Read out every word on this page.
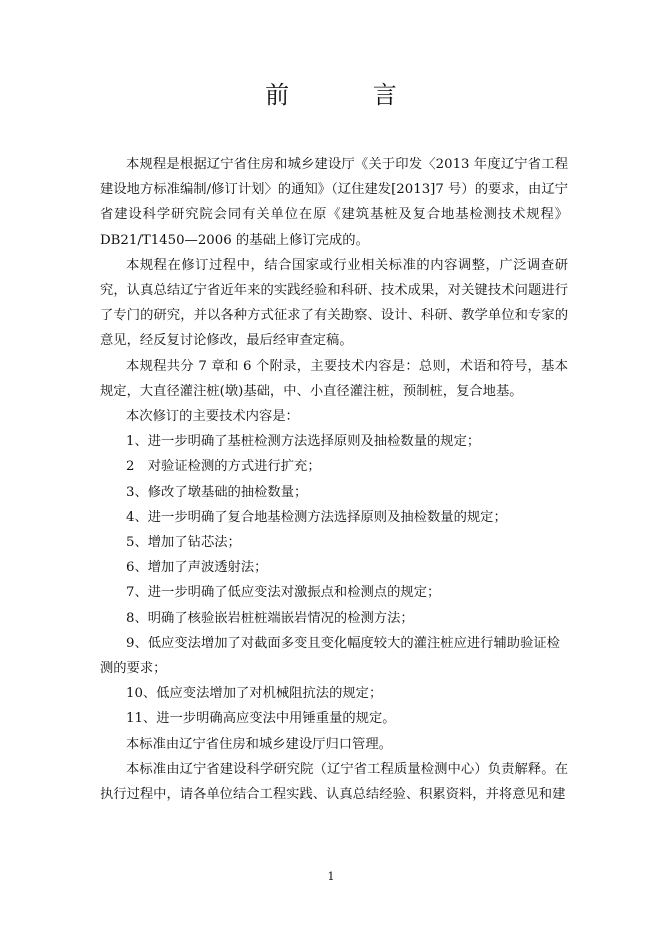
前 言

本规程是根据辽宁省住房和城乡建设厅《关于印发〈2013 年度辽宁省工程建设地方标准编制/修订计划〉的通知》（辽住建发[2013]7 号）的要求，由辽宁省建设科学研究院会同有关单位在原《建筑基桩及复合地基检测技术规程》DB21/T1450—2006 的基础上修订完成的。

本规程在修订过程中，结合国家或行业相关标准的内容调整，广泛调查研究，认真总结辽宁省近年来的实践经验和科研、技术成果，对关键技术问题进行了专门的研究，并以各种方式征求了有关勘察、设计、科研、教学单位和专家的意见，经反复讨论修改，最后经审查定稿。

本规程共分 7 章和 6 个附录，主要技术内容是：总则，术语和符号，基本规定，大直径灌注桩(墩)基础，中、小直径灌注桩，预制桩，复合地基。

本次修订的主要技术内容是：

1、进一步明确了基桩检测方法选择原则及抽检数量的规定；

2　对验证检测的方式进行扩充；

3、修改了墩基础的抽检数量；

4、进一步明确了复合地基检测方法选择原则及抽检数量的规定；

5、增加了钻芯法；

6、增加了声波透射法；

7、进一步明确了低应变法对激振点和检测点的规定；

8、明确了核验嵌岩桩桩端嵌岩情况的检测方法；

9、低应变法增加了对截面多变且变化幅度较大的灌注桩应进行辅助验证检测的要求；

10、低应变法增加了对机械阻抗法的规定；

11、进一步明确高应变法中用锤重量的规定。

本标准由辽宁省住房和城乡建设厅归口管理。

本标准由辽宁省建设科学研究院（辽宁省工程质量检测中心）负责解释。在执行过程中，请各单位结合工程实践、认真总结经验、积累资料，并将意见和建

1
